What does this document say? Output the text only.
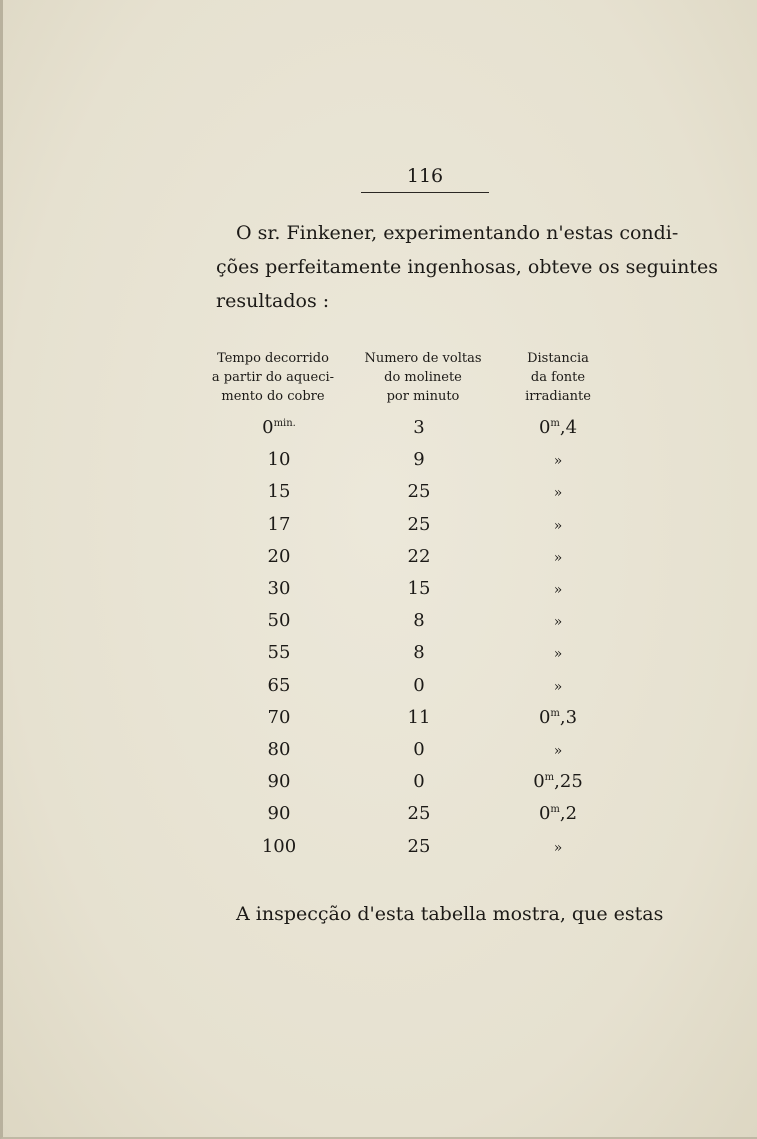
116
O sr. Finkener, experimentando n'estas condi-
ções perfeitamente ingenhosas, obteve os seguintes
resultados :
Tempo decorrido
a partir do aqueci-
mento do cobre
Numero de voltas
do molinete
por minuto
Distancia
da fonte
irradiante
$0^{min.}$	3	0$^m$,4
10	9	»
15	25	»
17	25	»
20	22	»
30	15	»
50	8	»
55	8	»
65	0	»
70	11	0$^m$,3
80	0	»
90	0	0$^m$,25
90	25	0$^m$,2
100	25	»
A inspecção d'esta tabella mostra, que estas
